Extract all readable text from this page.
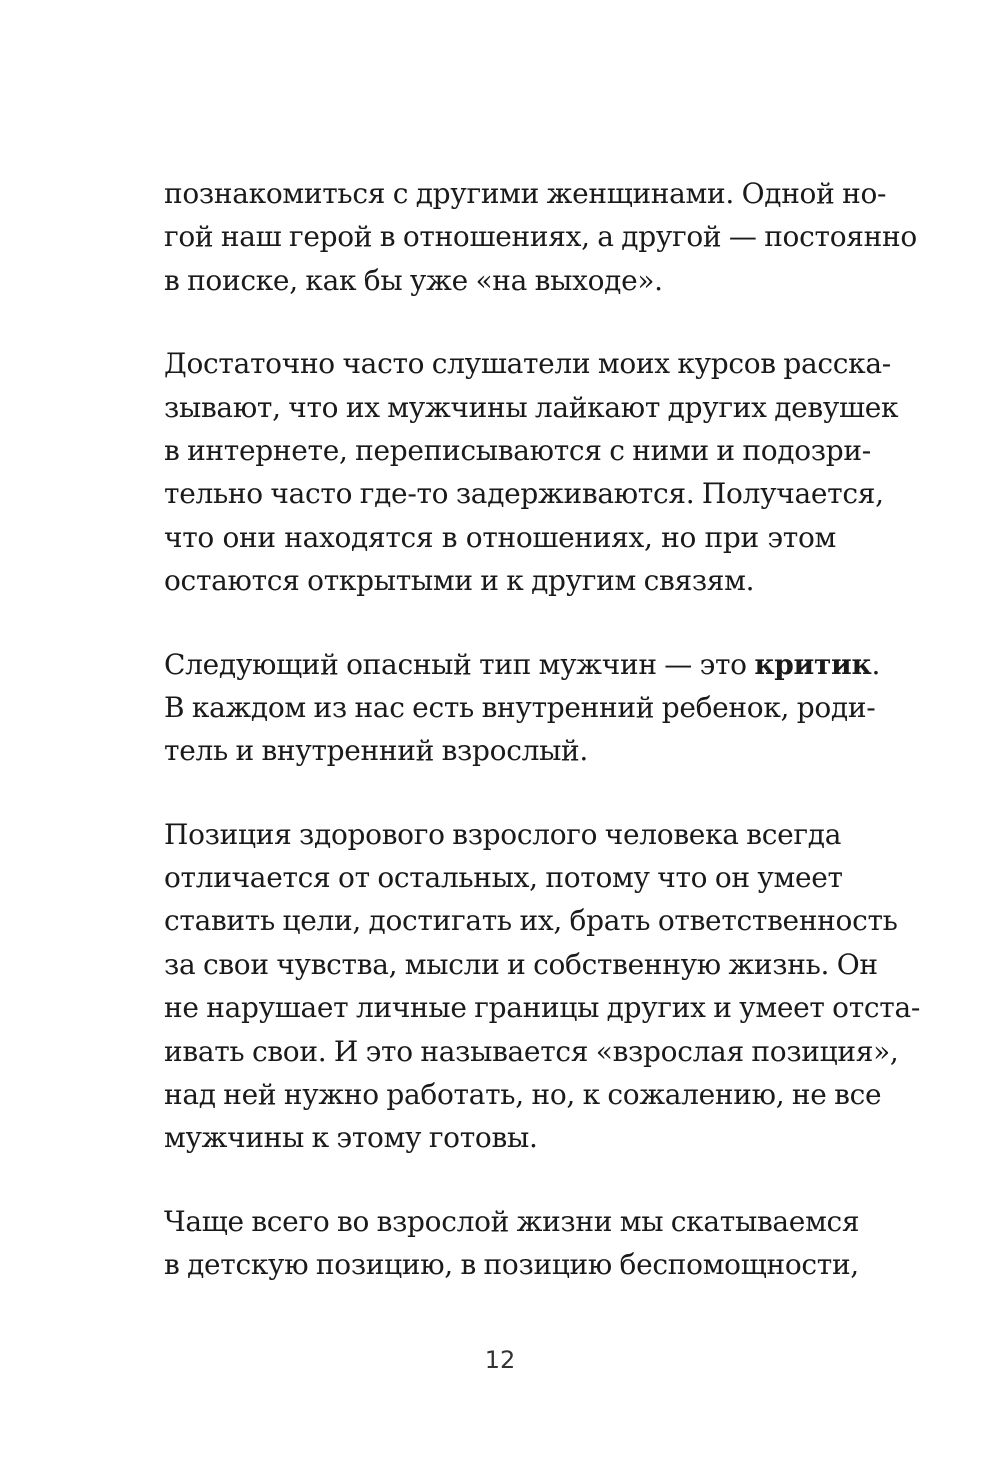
познакомиться с другими женщинами. Одной но-
гой наш герой в отношениях, а другой — постоянно
в поиске, как бы уже «на выходе».

Достаточно часто слушатели моих курсов расска-
зывают, что их мужчины лайкают других девушек
в интернете, переписываются с ними и подозри-
тельно часто где-то задерживаются. Получается,
что они находятся в отношениях, но при этом
остаются открытыми и к другим связям.

Следующий опасный тип мужчин — это критик.
В каждом из нас есть внутренний ребенок, роди-
тель и внутренний взрослый.

Позиция здорового взрослого человека всегда
отличается от остальных, потому что он умеет
ставить цели, достигать их, брать ответственность
за свои чувства, мысли и собственную жизнь. Он
не нарушает личные границы других и умеет отста-
ивать свои. И это называется «взрослая позиция»,
над ней нужно работать, но, к сожалению, не все
мужчины к этому готовы.

Чаще всего во взрослой жизни мы скатываемся
в детскую позицию, в позицию беспомощности,

12
